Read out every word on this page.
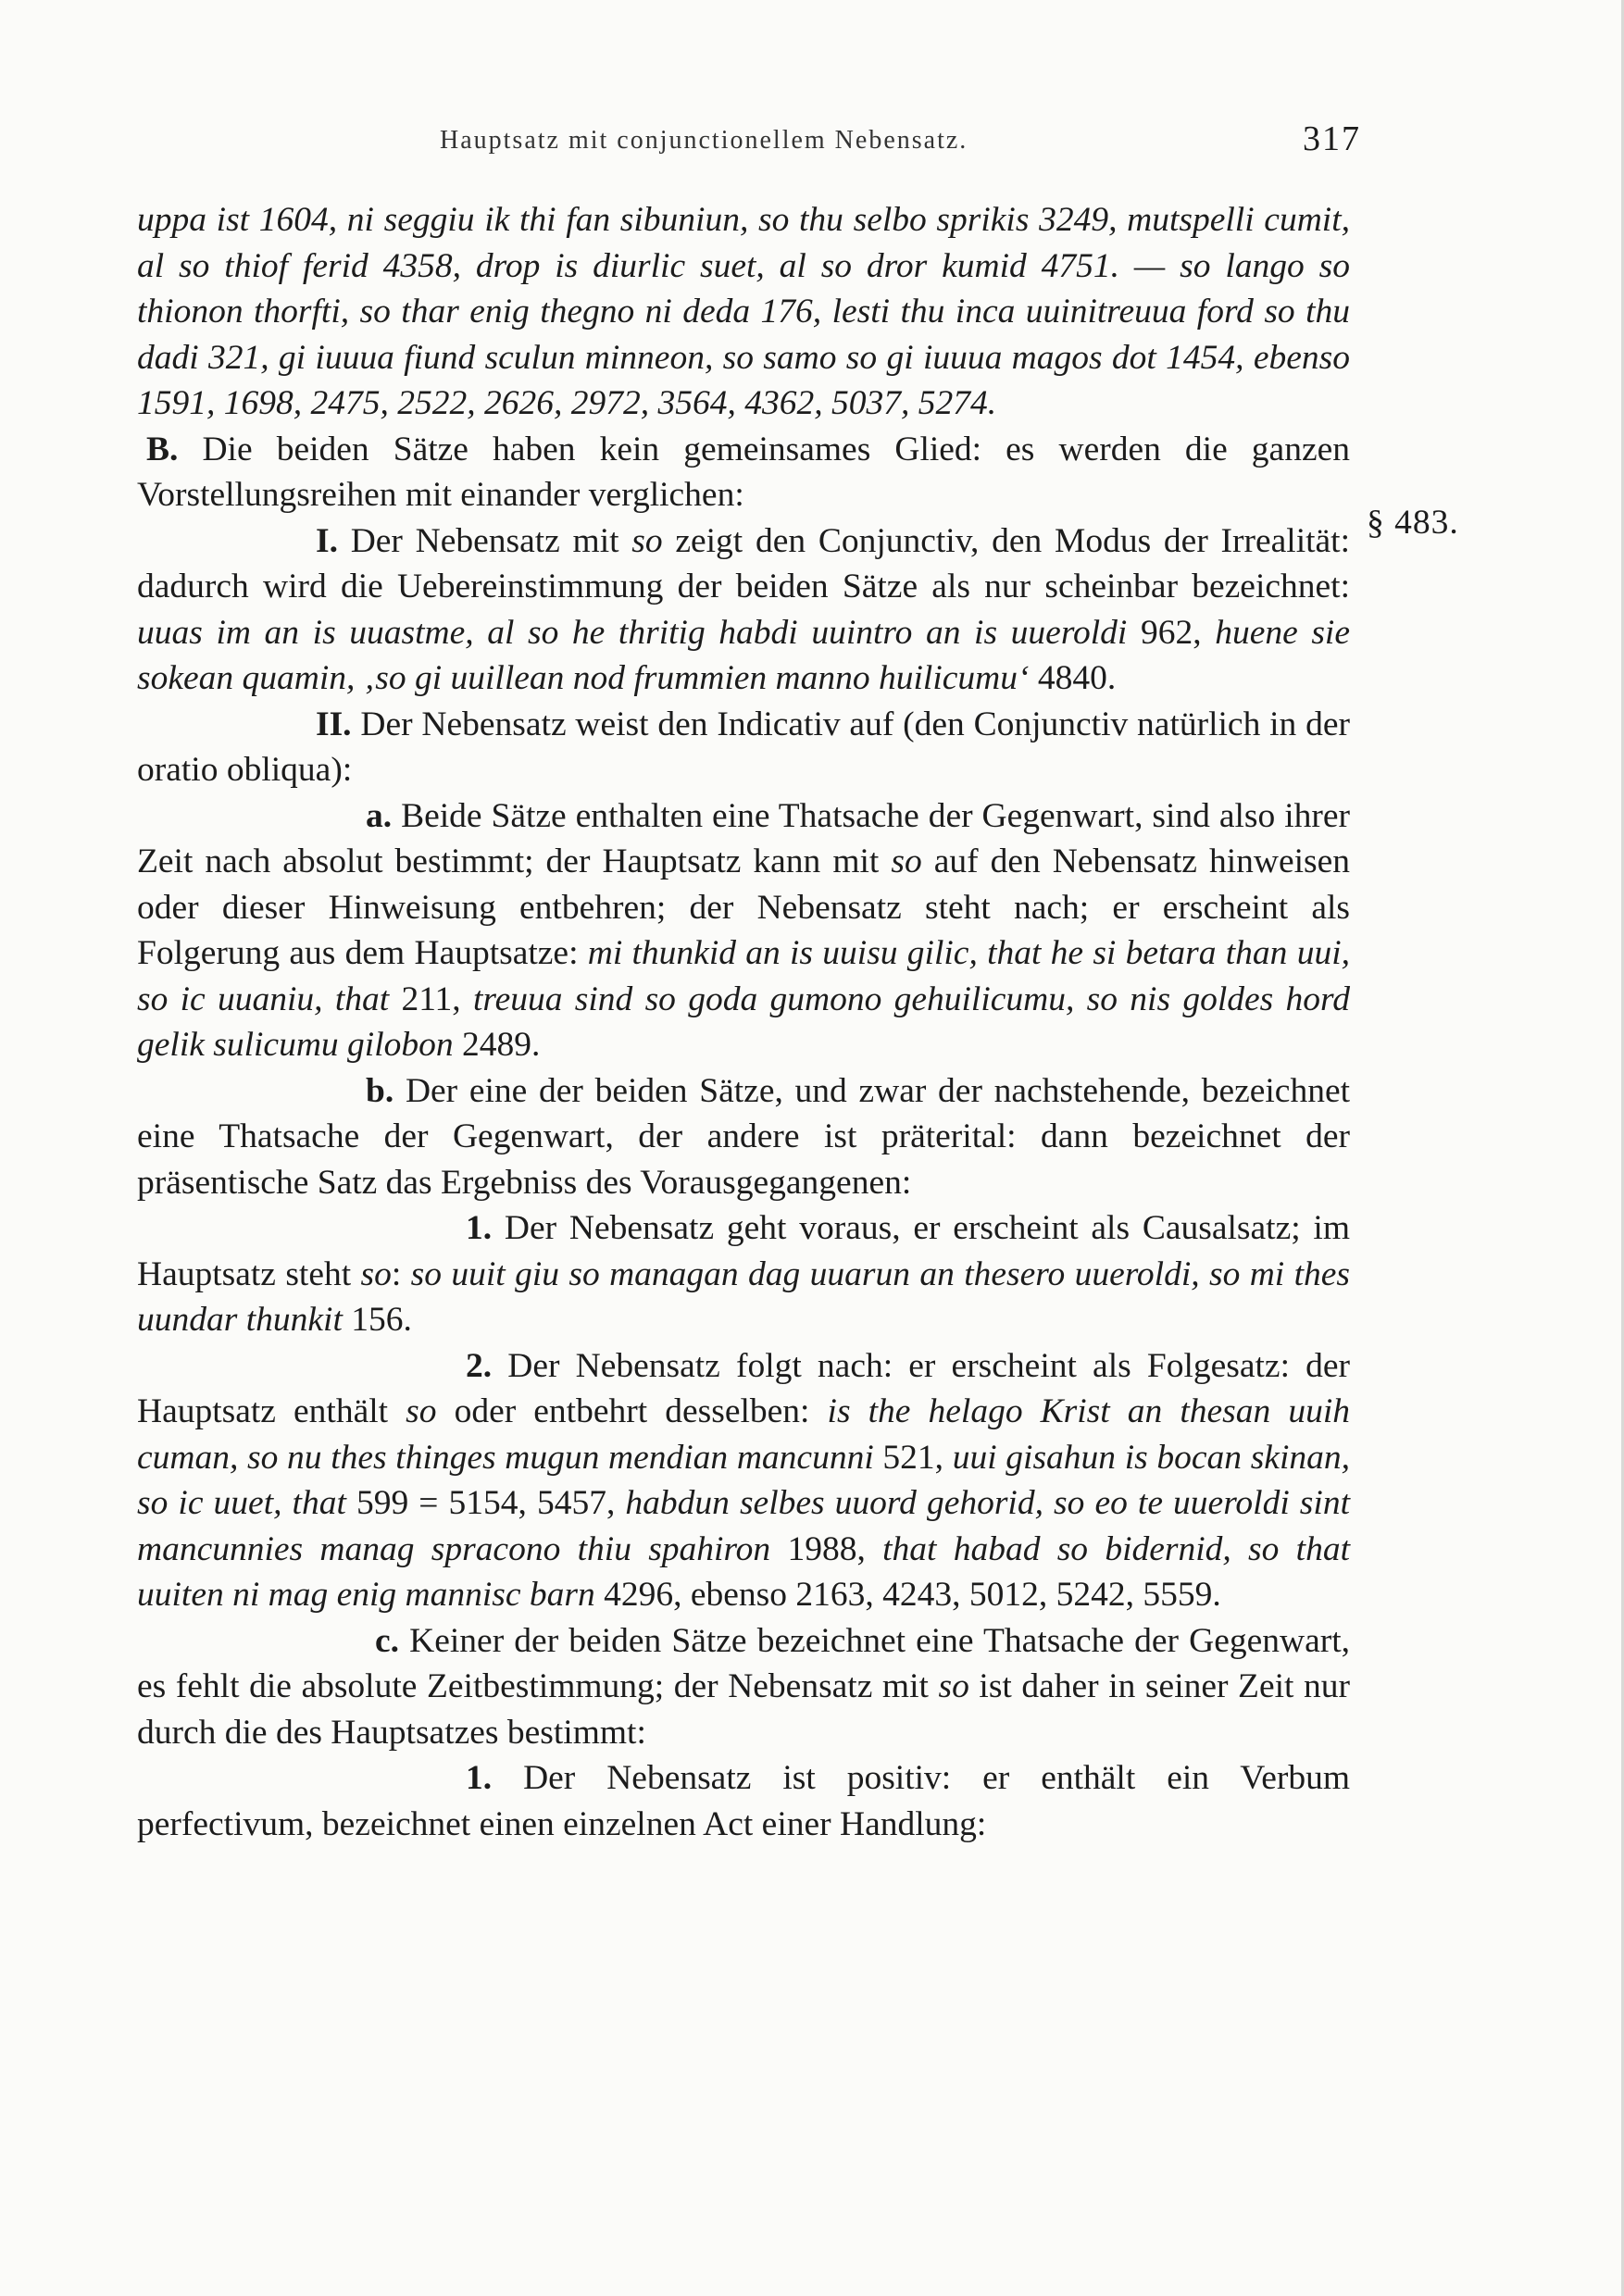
Hauptsatz mit conjunctionellem Nebensatz.	317
§ 483.

uppa ist 1604, ni seggiu ik thi fan sibuniun, so thu selbo sprikis 3249, mutspelli cumit, al so thiof ferid 4358, drop is diurlic suet, al so dror kumid 4751. — so lango so thionon thorfti, so thar enig thegno ni deda 176, lesti thu inca uuinitreuua ford so thu dadi 321, gi iuuua fiund sculun minneon, so samo so gi iuuua magos dot 1454, ebenso 1591, 1698, 2475, 2522, 2626, 2972, 3564, 4362, 5037, 5274.

B. Die beiden Sätze haben kein gemeinsames Glied: es werden die ganzen Vorstellungsreihen mit einander verglichen:

I. Der Nebensatz mit so zeigt den Conjunctiv, den Modus der Irrealität: dadurch wird die Uebereinstimmung der beiden Sätze als nur scheinbar bezeichnet: uuas im an is uuastme, al so he thritig habdi uuintro an is uueroldi 962, huene sie sokean quamin, ‚so gi uuillean nod frummien manno huilicumu‘ 4840.

II. Der Nebensatz weist den Indicativ auf (den Conjunctiv natürlich in der oratio obliqua):

a. Beide Sätze enthalten eine Thatsache der Gegenwart, sind also ihrer Zeit nach absolut bestimmt; der Hauptsatz kann mit so auf den Nebensatz hinweisen oder dieser Hinweisung entbehren; der Nebensatz steht nach; er erscheint als Folgerung aus dem Hauptsatze: mi thunkid an is uuisu gilic, that he si betara than uui, so ic uuaniu, that 211, treuua sind so goda gumono gehuilicumu, so nis goldes hord gelik sulicumu gilobon 2489.

b. Der eine der beiden Sätze, und zwar der nachstehende, bezeichnet eine Thatsache der Gegenwart, der andere ist präterital: dann bezeichnet der präsentische Satz das Ergebniss des Vorausgegangenen:

1. Der Nebensatz geht voraus, er erscheint als Causalsatz; im Hauptsatz steht so: so uuit giu so managan dag uuarun an thesero uueroldi, so mi thes uundar thunkit 156.

2. Der Nebensatz folgt nach: er erscheint als Folgesatz: der Hauptsatz enthält so oder entbehrt desselben: is the helago Krist an thesan uuih cuman, so nu thes thinges mugun mendian mancunni 521, uui gisahun is bocan skinan, so ic uuet, that 599 = 5154, 5457, habdun selbes uuord gehorid, so eo te uueroldi sint mancunnies manag spracono thiu spahiron 1988, that habad so bidernid, so that uuiten ni mag enig mannisc barn 4296, ebenso 2163, 4243, 5012, 5242, 5559.

c. Keiner der beiden Sätze bezeichnet eine Thatsache der Gegenwart, es fehlt die absolute Zeitbestimmung; der Nebensatz mit so ist daher in seiner Zeit nur durch die des Hauptsatzes bestimmt:

1. Der Nebensatz ist positiv: er enthält ein Verbum perfectivum, bezeichnet einen einzelnen Act einer Handlung:
